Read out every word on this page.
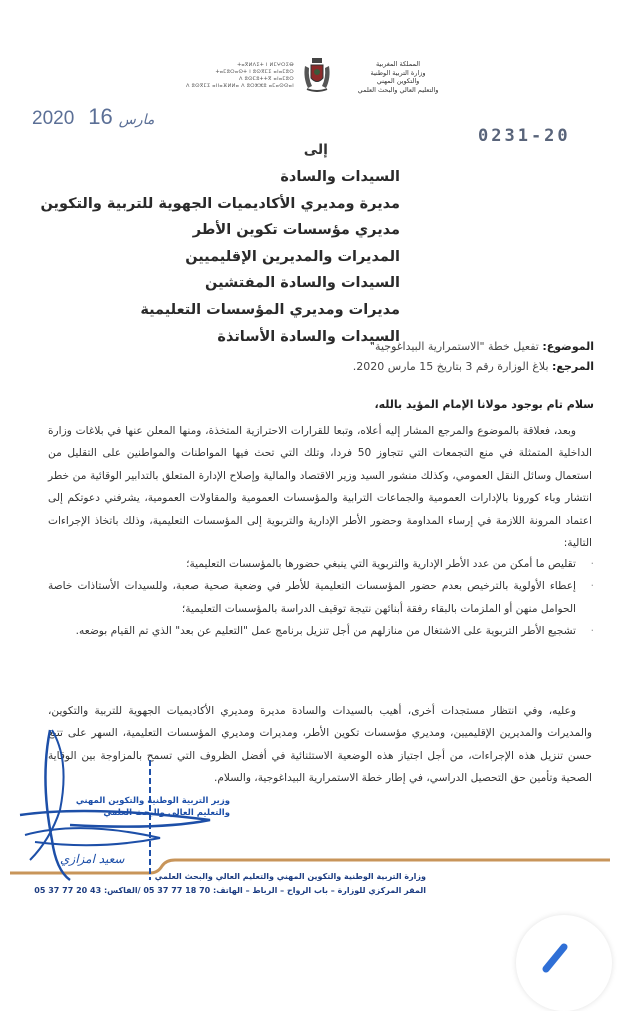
ⵜⴰⴳⵍⴷⵉⵜ ⵏ ⵍⵎⵖⵔⵉⴱ
ⵜⴰⵎⵓⵔⴰⵙⵜ ⵏ ⵓⵙⴳⵎⵉ ⴰⵏⴰⵎⵓⵔ
ⴷ ⵓⵙⵎⵓⵜⵜⴳ ⴰⵏⴰⵎⵓⵔ
ⴷ ⵓⵙⴳⵎⵉ ⴰⵏⵏⴰⴼⵍⵍⴰ ⴷ ⵓⵔⵣⵣⵓ ⴰⵎⴰⵙⵙⴰⵏ
المملكة المغربية
وزارة التربية الوطنية
والتكوين المهني
والتعليم العالي والبحث العلمي
2020	مارس16
0231-20
إلى
السيدات والسادة
مديرة ومديري الأكاديميات الجهوية للتربية والتكوين
مديري مؤسسات تكوين الأطر
المديرات والمديرين الإقليميين
السيدات والسادة المفتشين
مديرات ومديري المؤسسات التعليمية
السيدات والسادة الأساتذة
الموضوع: تفعيل خطة "الاستمرارية البيداغوجية"
المرجع: بلاغ الوزارة رقم 3 بتاريخ 15 مارس 2020.
سلام تام بوجود مولانا الإمام المؤيد بالله،
وبعد، فعلاقة بالموضوع والمرجع المشار إليه أعلاه، وتبعا للقرارات الاحترازية المتخذة، ومنها المعلن عنها في بلاغات وزارة الداخلية المتمثلة في منع التجمعات التي تتجاوز 50 فردا، وتلك التي تحث فيها المواطنات والمواطنين على التقليل من استعمال وسائل النقل العمومي، وكذلك منشور السيد وزير الاقتصاد والمالية وإصلاح الإدارة المتعلق بالتدابير الوقائية من خطر انتشار وباء كورونا بالإدارات العمومية والجماعات الترابية والمؤسسات العمومية والمقاولات العمومية، يشرفني دعوتكم إلى اعتماد المرونة اللازمة في إرساء المداومة وحضور الأطر الإدارية والتربوية إلى المؤسسات التعليمية، وذلك باتخاذ الإجراءات التالية:
· تقليص ما أمكن من عدد الأطر الإدارية والتربوية التي ينبغي حضورها بالمؤسسات التعليمية؛
· إعطاء الأولوية بالترخيص بعدم حضور المؤسسات التعليمية للأطر في وضعية صحية صعبة، وللسيدات الأستاذات خاصة الحوامل منهن أو الملزمات بالبقاء رفقة أبنائهن نتيجة توقيف الدراسة بالمؤسسات التعليمية؛
· تشجيع الأطر التربوية على الاشتغال من منازلهم من أجل تنزيل برنامج عمل "التعليم عن بعد" الذي تم القيام بوضعه.
وعليه، وفي انتظار مستجدات أخرى، أهيب بالسيدات والسادة مديرة ومديري الأكاديميات الجهوية للتربية والتكوين، والمديرات والمديرين الإقليميين، ومديري مؤسسات تكوين الأطر، ومديرات ومديري المؤسسات التعليمية، السهر على تتبع حسن تنزيل هذه الإجراءات، من أجل اجتياز هذه الوضعية الاستثنائية في أفضل الظروف التي تسمح بالمزاوجة بين الوقاية الصحية وتأمين حق التحصيل الدراسي، في إطار خطة الاستمرارية البيداغوجية، والسلام.
وزير التربية الوطنية والتكوين المهني
والتعليم العالي والبحث العلمي
سعيد امزازي
وزارة التربية الوطنية والتكوين المهني والتعليم العالي والبحث العلمي
المقر المركزي للوزارة – باب الرواح – الرباط – الهاتف: 70 18 77 37 05 /الفاكس: 43 20 77 37 05
